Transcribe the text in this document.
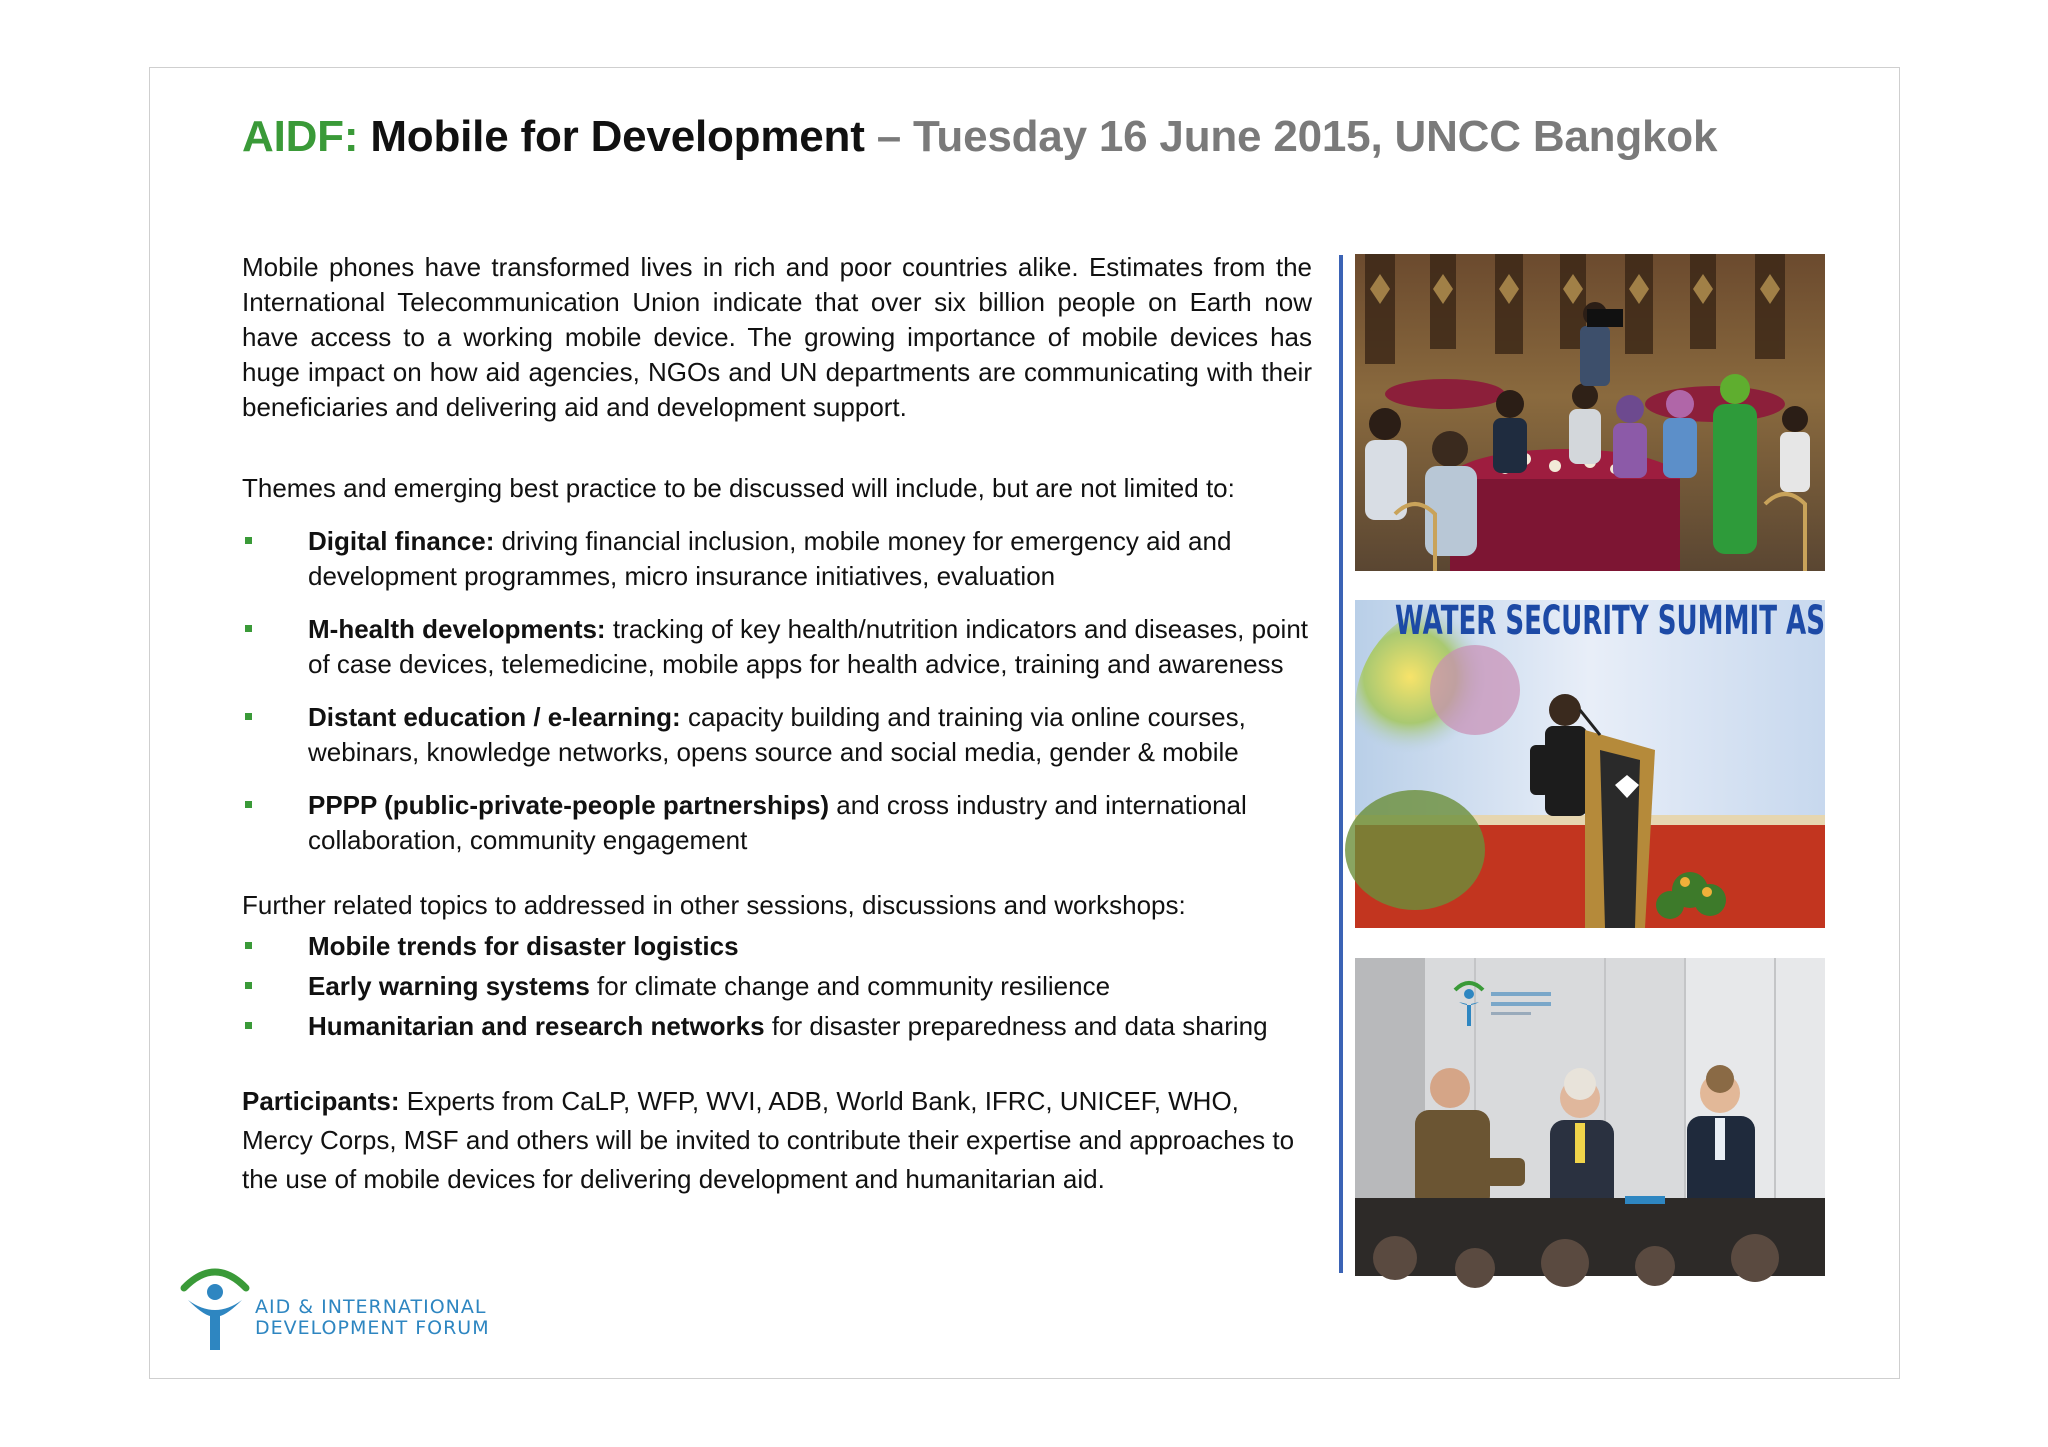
AIDF: Mobile for Development – Tuesday 16 June 2015, UNCC Bangkok

Mobile phones have transformed lives in rich and poor countries alike. Estimates from the International Telecommunication Union indicate that over six billion people on Earth now have access to a working mobile device. The growing importance of mobile devices has huge impact on how aid agencies, NGOs and UN departments are communicating with their beneficiaries and delivering aid and development support.

Themes and emerging best practice to be discussed will include, but are not limited to:

Digital finance: driving financial inclusion, mobile money for emergency aid and development programmes, micro insurance initiatives, evaluation
M-health developments: tracking of key health/nutrition indicators and diseases, point of case devices, telemedicine, mobile apps for health advice, training and awareness
Distant education / e-learning: capacity building and training via online courses, webinars, knowledge networks, opens source and social media, gender & mobile
PPPP (public-private-people partnerships) and cross industry and international collaboration, community engagement

Further related topics to addressed in other sessions, discussions and workshops:

Mobile trends for disaster logistics
Early warning systems for climate change and community resilience
Humanitarian and research networks for disaster preparedness and data sharing

Participants: Experts from CaLP, WFP, WVI, ADB, World Bank, IFRC, UNICEF, WHO, Mercy Corps, MSF and others will be invited to contribute their expertise and approaches to the use of mobile devices for delivering development and humanitarian aid.

WATER SECURITY SUMMIT AS
AID & INTERNATIONAL
DEVELOPMENT FORUM
